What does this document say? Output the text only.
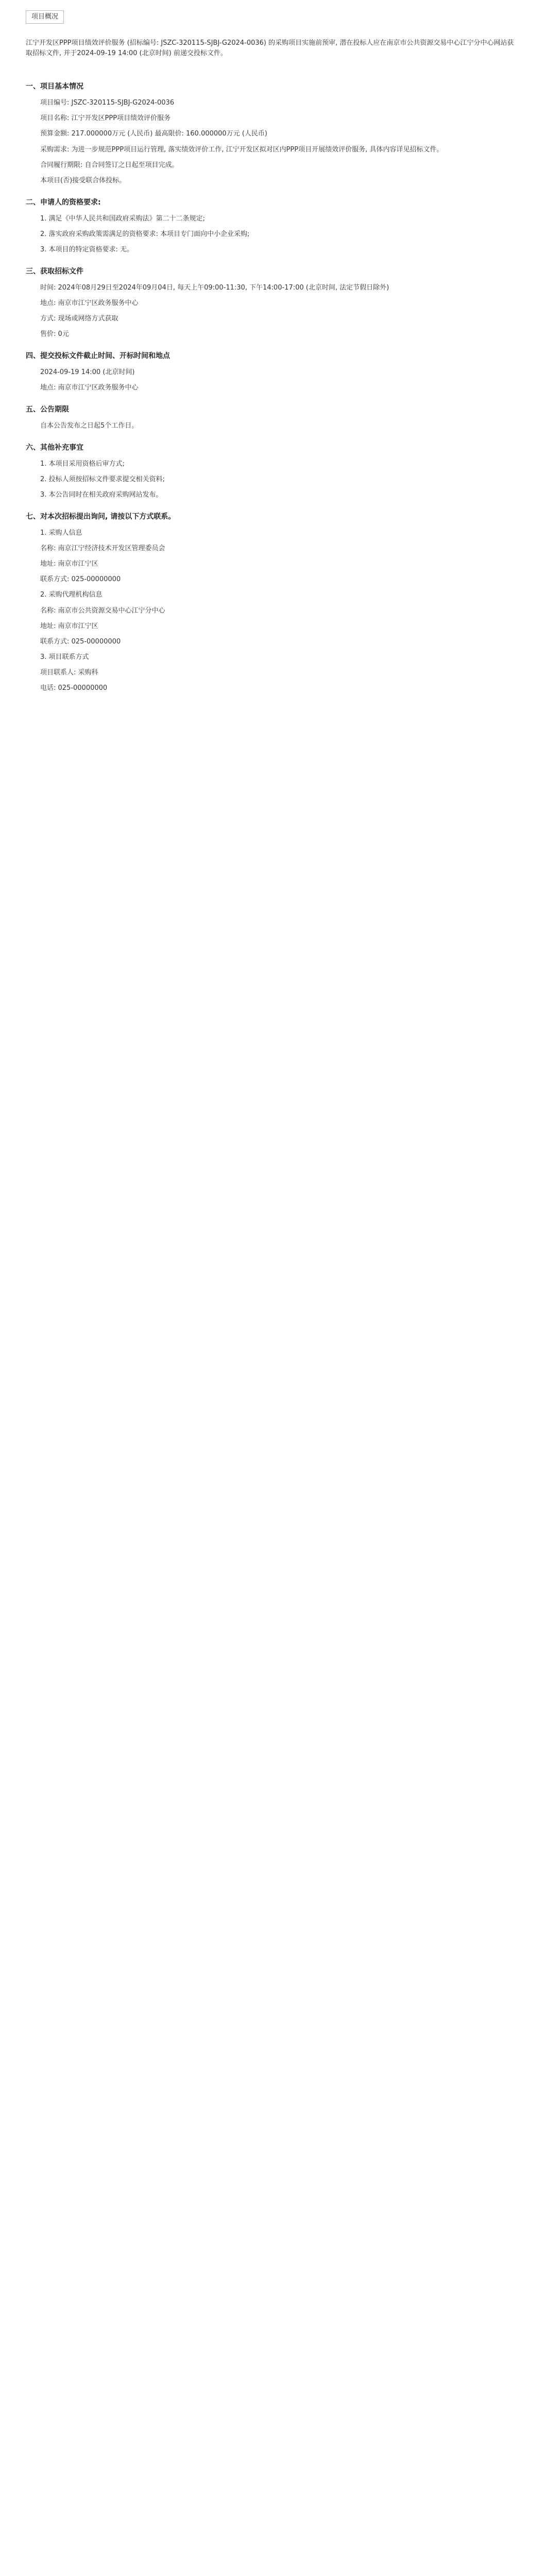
项目概况
江宁开发区PPP项目绩效评价服务 (招标编号: JSZC-320115-SJBJ-G2024-0036) 的采购项目实施前预审, 潜在投标人应在南京市公共资源交易中心江宁分中心网站获取招标文件, 并于2024-09-19 14:00 (北京时间) 前递交投标文件。
一、项目基本情况
项目编号: JSZC-320115-SJBJ-G2024-0036
项目名称: 江宁开发区PPP项目绩效评价服务
预算金额: 217.000000万元 (人民币) 最高限价: 160.000000万元 (人民币)
采购需求: 为进一步规范PPP项目运行管理, 落实绩效评价工作, 江宁开发区拟对区内PPP项目开展绩效评价服务, 具体内容详见招标文件。
合同履行期限: 自合同签订之日起至项目完成。
本项目(否)接受联合体投标。
二、申请人的资格要求:
1. 满足《中华人民共和国政府采购法》第二十二条规定;
2. 落实政府采购政策需满足的资格要求: 本项目专门面向中小企业采购;
3. 本项目的特定资格要求: 无。
三、获取招标文件
时间: 2024年08月29日至2024年09月04日, 每天上午09:00-11:30, 下午14:00-17:00 (北京时间, 法定节假日除外)
地点: 南京市江宁区政务服务中心
方式: 现场或网络方式获取
售价: 0元
四、提交投标文件截止时间、开标时间和地点
2024-09-19 14:00 (北京时间)
地点: 南京市江宁区政务服务中心
五、公告期限
自本公告发布之日起5个工作日。
六、其他补充事宜
1. 本项目采用资格后审方式;
2. 投标人须按招标文件要求提交相关资料;
3. 本公告同时在相关政府采购网站发布。
七、对本次招标提出询问, 请按以下方式联系。
1. 采购人信息
名称: 南京江宁经济技术开发区管理委员会
地址: 南京市江宁区
联系方式: 025-00000000
2. 采购代理机构信息
名称: 南京市公共资源交易中心江宁分中心
地址: 南京市江宁区
联系方式: 025-00000000
3. 项目联系方式
项目联系人: 采购科
电话: 025-00000000
